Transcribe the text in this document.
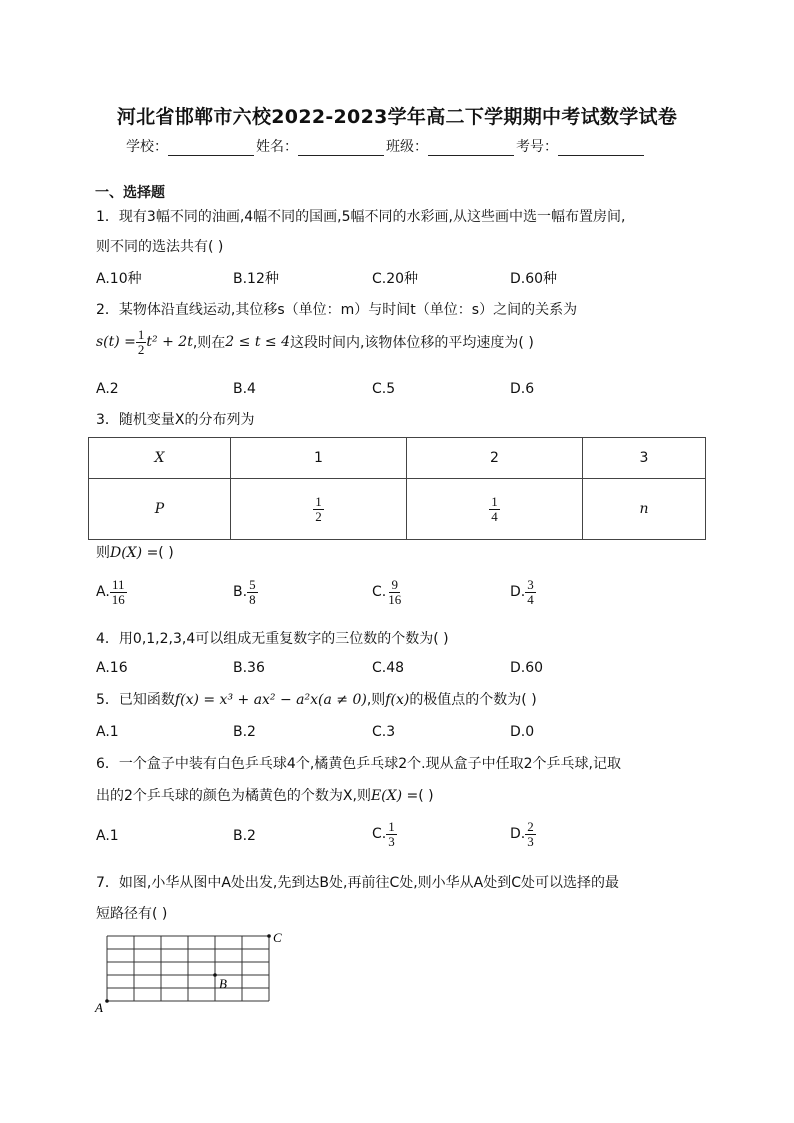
河北省邯郸市六校2022-2023学年高二下学期期中考试数学试卷
学校：	姓名：	班级：	考号：
一、选择题
1．现有3幅不同的油画,4幅不同的国画,5幅不同的水彩画,从这些画中选一幅布置房间,
则不同的选法共有( )
A.10种	B.12种	C.20种	D.60种
2．某物体沿直线运动,其位移s（单位：m）与时间t（单位：s）之间的关系为
$s(t) = \frac{1}{2} t^2 + 2t$ ,则在 2 ≤ t ≤ 4 这段时间内,该物体位移的平均速度为( )
A.2	B.4	C.5	D.6
3．随机变量X的分布列为
X	1	2	3
P	$\frac{1}{2}$	$\frac{1}{4}$	n
则D(X) =( )
A. $\frac{11}{16}$	B. $\frac{5}{8}$	C. $\frac{9}{16}$	D. $\frac{3}{4}$
4．用0,1,2,3,4可以组成无重复数字的三位数的个数为( )
A.16	B.36	C.48	D.60
5．已知函数f(x) = x³ + ax² − a²x(a ≠ 0),则f(x)的极值点的个数为( )
A.1	B.2	C.3	D.0
6．一个盒子中装有白色乒乓球4个,橘黄色乒乓球2个.现从盒子中任取2个乒乓球,记取
出的2个乒乓球的颜色为橘黄色的个数为X,则E(X) =( )
A.1	B.2	C. $\frac{1}{3}$	D. $\frac{2}{3}$
7．如图,小华从图中A处出发,先到达B处,再前往C处,则小华从A处到C处可以选择的最
短路径有( )
A
B
C
